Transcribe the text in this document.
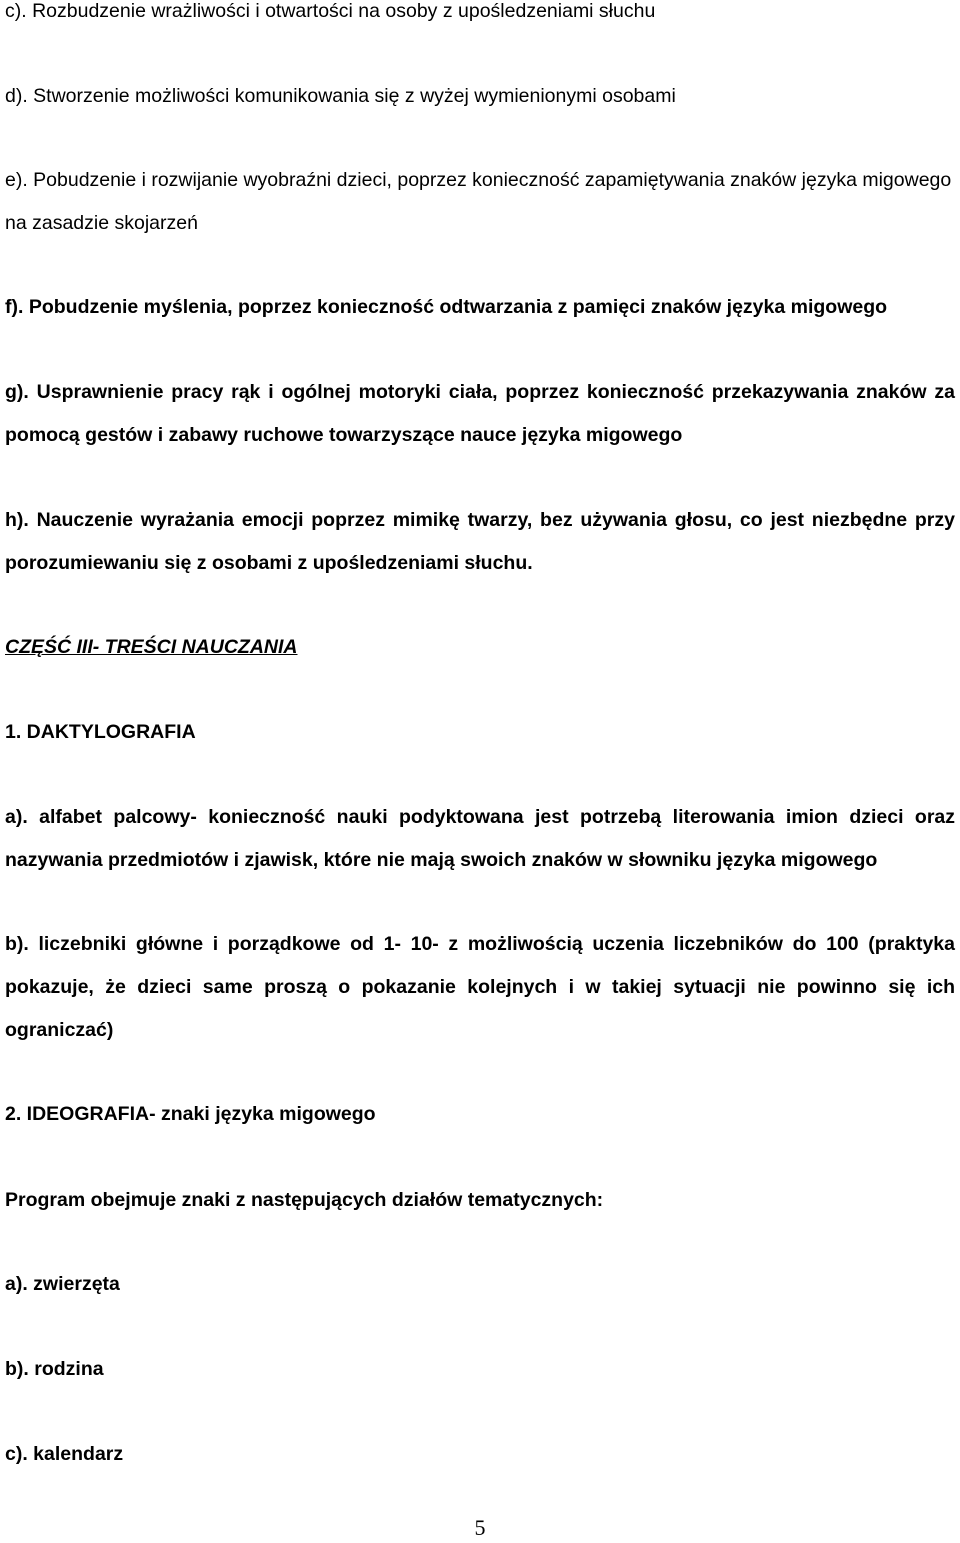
c). Rozbudzenie wrażliwości i otwartości na osoby z upośledzeniami słuchu

d). Stworzenie możliwości komunikowania się z wyżej wymienionymi osobami

e). Pobudzenie i rozwijanie wyobraźni dzieci, poprzez konieczność zapamiętywania znaków języka migowego na zasadzie skojarzeń

f). Pobudzenie myślenia, poprzez konieczność odtwarzania z pamięci znaków języka migowego

g). Usprawnienie pracy rąk i ogólnej motoryki ciała, poprzez konieczność przekazywania znaków za pomocą gestów i zabawy ruchowe towarzyszące nauce języka migowego

h). Nauczenie wyrażania emocji poprzez mimikę twarzy, bez używania głosu, co jest niezbędne przy porozumiewaniu się z osobami z upośledzeniami słuchu.

CZĘŚĆ III- TREŚCI NAUCZANIA

1. DAKTYLOGRAFIA

a). alfabet palcowy- konieczność nauki podyktowana jest potrzebą literowania imion dzieci oraz nazywania przedmiotów i zjawisk, które nie mają swoich znaków w słowniku języka migowego

b). liczebniki główne i porządkowe od 1- 10- z możliwością uczenia liczebników do 100 (praktyka pokazuje, że dzieci same proszą o pokazanie kolejnych i w takiej sytuacji nie powinno się ich ograniczać)

2. IDEOGRAFIA- znaki języka migowego

Program obejmuje znaki z następujących działów tematycznych:

a). zwierzęta

b). rodzina

c). kalendarz

5
